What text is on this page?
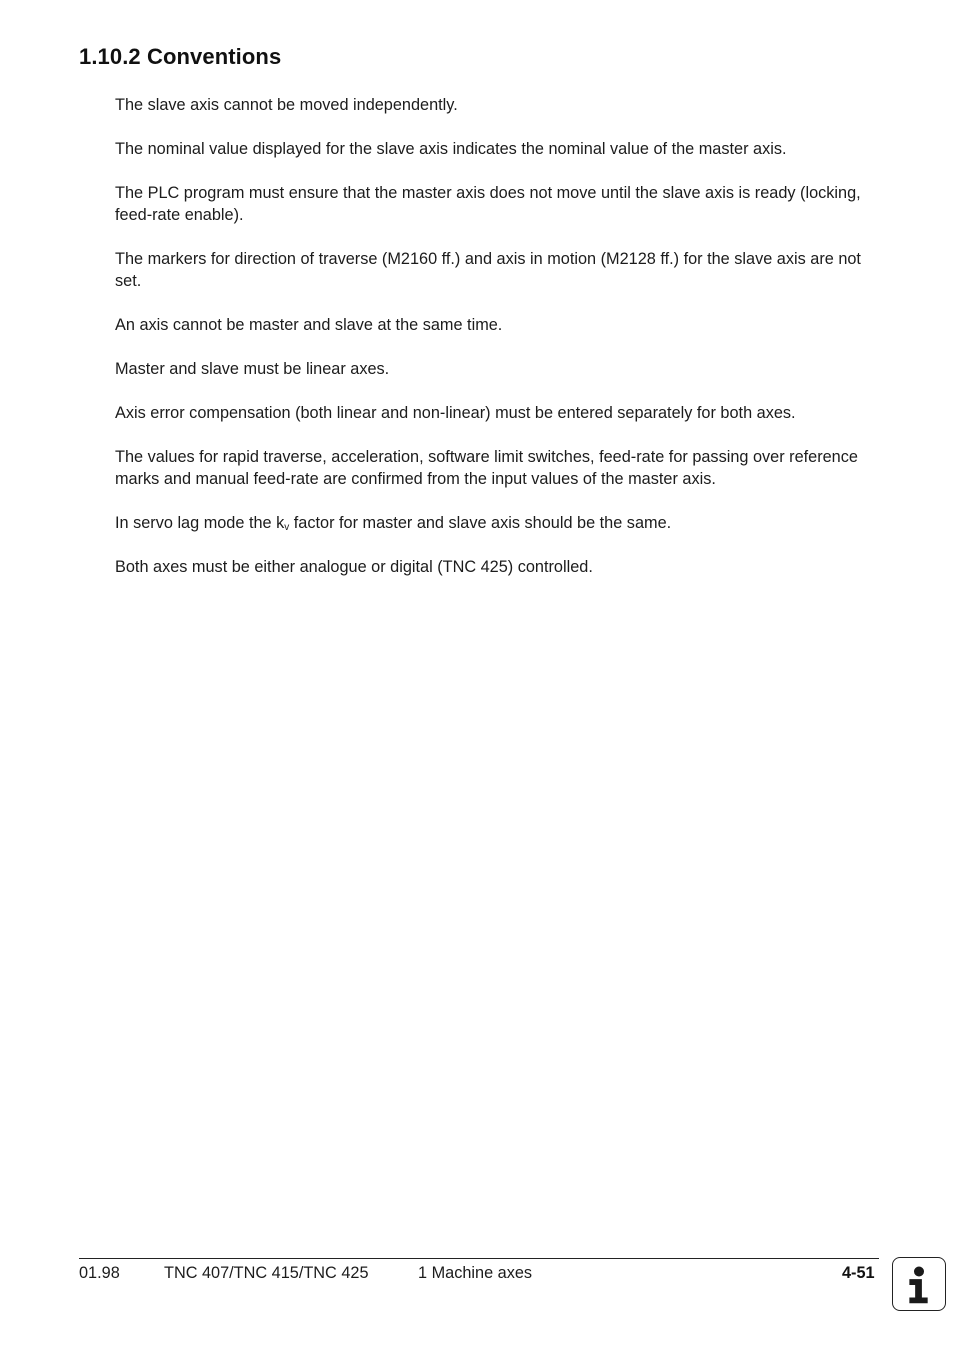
1.10.2 Conventions

The slave axis cannot be moved independently.

The nominal value displayed for the slave axis indicates the nominal value of the master axis.

The PLC program must ensure that the master axis does not move until the slave axis is ready (locking, feed-rate enable).

The markers for direction of traverse (M2160 ff.) and axis in motion (M2128 ff.) for the slave axis are not set.

An axis cannot be master and slave at the same time.

Master and slave must be linear axes.

Axis error compensation (both linear and non-linear) must be entered separately for both axes.

The values for rapid traverse, acceleration, software limit switches, feed-rate for passing over reference marks and manual feed-rate are confirmed from the input values of the master axis.

In servo lag mode the $k_v$ factor for master and slave axis should be the same.

Both axes must be either analogue or digital (TNC 425) controlled.

01.98	TNC 407/TNC 415/TNC 425	1 Machine axes	4-51
